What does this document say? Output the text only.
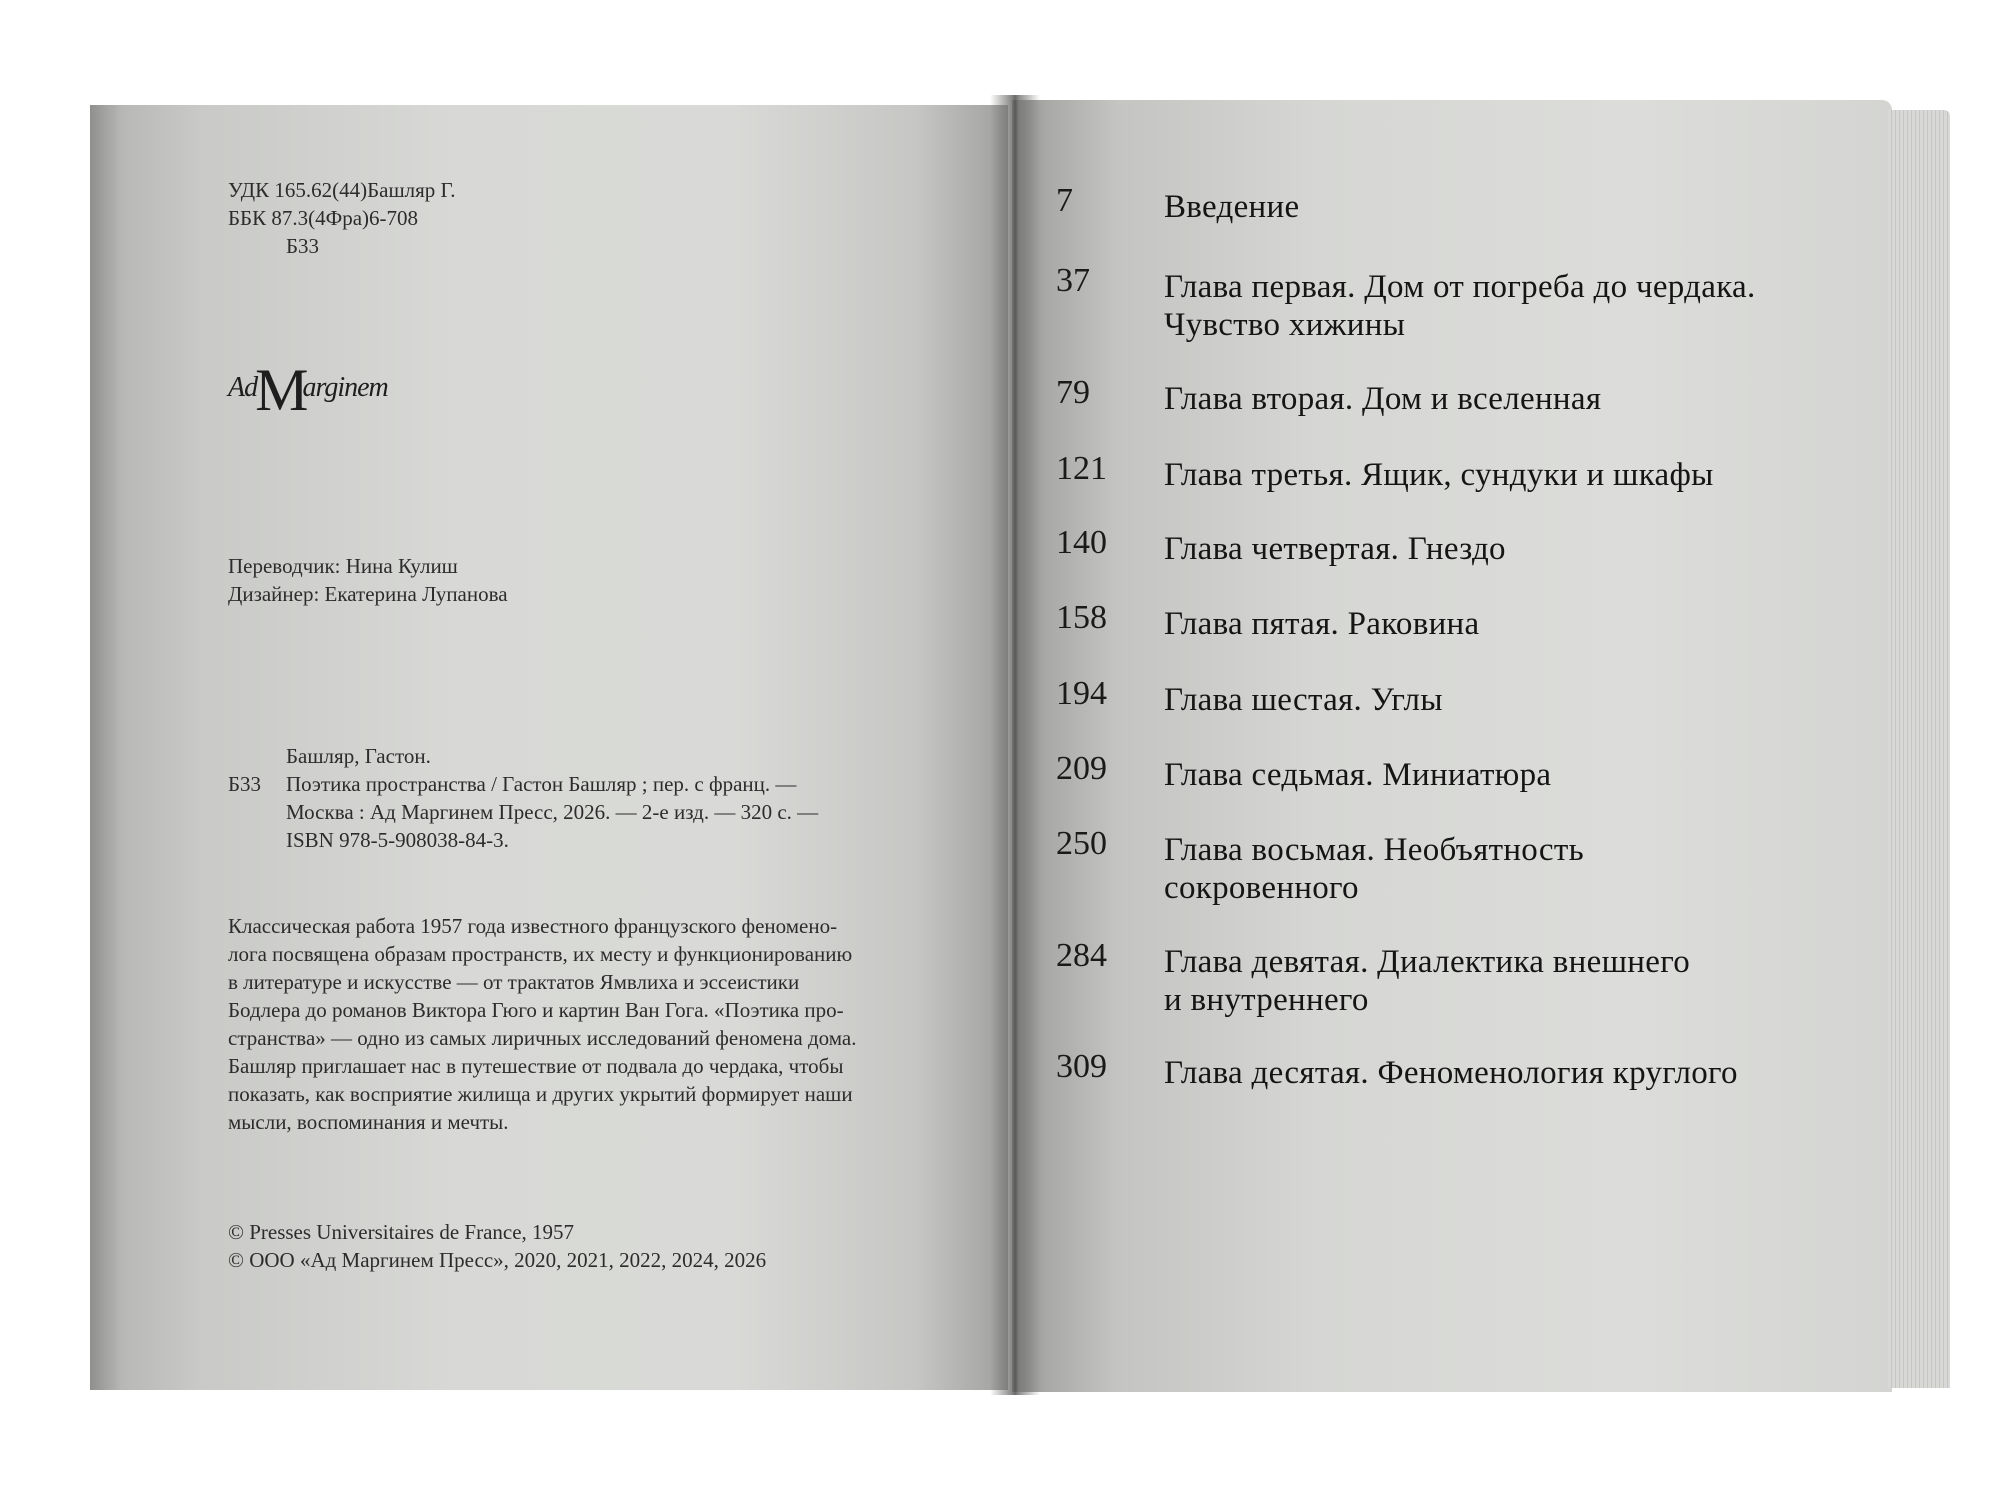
УДК 165.62(44)Башляр Г.
ББК 87.3(4Фра)6-708
Б33
AdMarginem
Переводчик: Нина Кулиш
Дизайнер: Екатерина Лупанова
Башляр, Гастон.
Б33 Поэтика пространства / Гастон Башляр ; пер. с франц. —
Москва : Ад Маргинем Пресс, 2026. — 2-е изд. — 320 с. —
ISBN 978-5-908038-84-3.
Классическая работа 1957 года известного французского феномено-
лога посвящена образам пространств, их месту и функционированию
в литературе и искусстве — от трактатов Ямвлиха и эссеистики
Бодлера до романов Виктора Гюго и картин Ван Гога. «Поэтика про-
странства» — одно из самых лиричных исследований феномена дома.
Башляр приглашает нас в путешествие от подвала до чердака, чтобы
показать, как восприятие жилища и других укрытий формирует наши
мысли, воспоминания и мечты.
© Presses Universitaires de France, 1957
© ООО «Ад Маргинем Пресс», 2020, 2021, 2022, 2024, 2026
7	Введение
37 Глава первая. Дом от погреба до чердака.
Чувство хижины
79 Глава вторая. Дом и вселенная
121 Глава третья. Ящик, сундуки и шкафы
140 Глава четвертая. Гнездо
158 Глава пятая. Раковина
194 Глава шестая. Углы
209 Глава седьмая. Миниатюра
250 Глава восьмая. Необъятность
сокровенного
284 Глава девятая. Диалектика внешнего
и внутреннего
309 Глава десятая. Феноменология круглого
